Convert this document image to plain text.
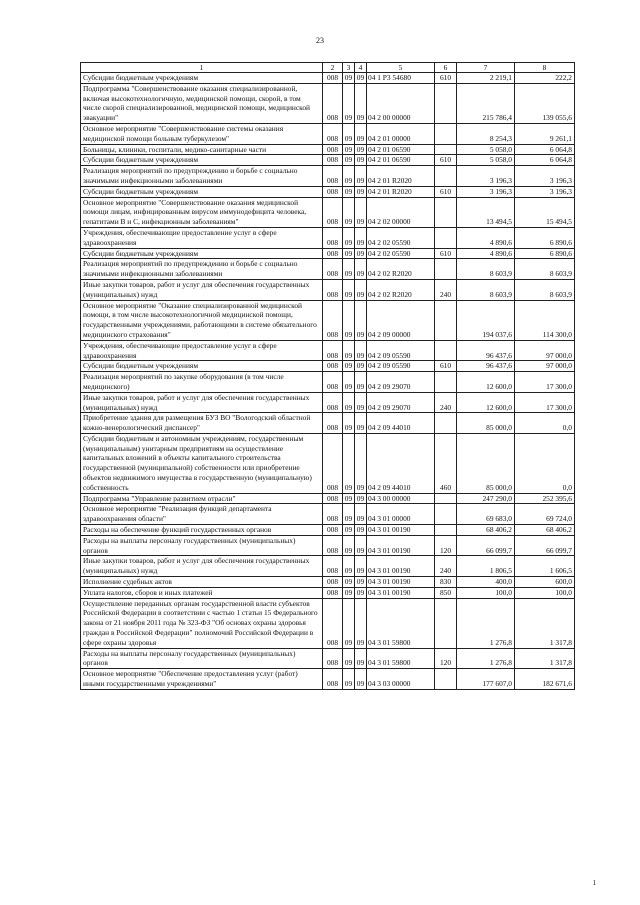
23
1	2	3	4	5	6	7	8
Субсидии бюджетным учреждениям	008	09	09	04 1 Р3 54680	610	2 219,1	222,2
Подпрограмма "Совершенствование оказания специализированной, включая высокотехнологичную, медицинской помощи, скорой, в том числе скорой специализированной, медицинской помощи, медицинской эвакуации"	008	09	09	04 2 00 00000		215 786,4	139 055,6
Основное мероприятие "Совершенствование системы оказания медицинской помощи больным туберкулезом"	008	09	09	04 2 01 00000		8 254,3	9 261,1
Больницы, клиники, госпитали, медико-санитарные части	008	09	09	04 2 01 06590		5 058,0	6 064,8
Субсидии бюджетным учреждениям	008	09	09	04 2 01 06590	610	5 058,0	6 064,8
Реализация мероприятий по предупреждению и борьбе с социально значимыми инфекционными заболеваниями	008	09	09	04 2 01 R2020		3 196,3	3 196,3
Субсидии бюджетным учреждениям	008	09	09	04 2 01 R2020	610	3 196,3	3 196,3
Основное мероприятие "Совершенствование оказания медицинской помощи лицам, инфицированным вирусом иммунодефицита человека, гепатитами В и С, инфекционным заболеваниям"	008	09	09	04 2 02 00000		13 494,5	15 494,5
Учреждения, обеспечивающие предоставление услуг в сфере здравоохранения	008	09	09	04 2 02 05590		4 890,6	6 890,6
Субсидии бюджетным учреждениям	008	09	09	04 2 02 05590	610	4 890,6	6 890,6
Реализация мероприятий по предупреждению и борьбе с социально значимыми инфекционными заболеваниями	008	09	09	04 2 02 R2020		8 603,9	8 603,9
Иные закупки товаров, работ и услуг для обеспечения государственных (муниципальных) нужд	008	09	09	04 2 02 R2020	240	8 603,9	8 603,9
Основное мероприятие "Оказание специализированной медицинской помощи, в том числе высокотехнологичной медицинской помощи, государственными учреждениями, работающими в системе обязательного медицинского страхования"	008	09	09	04 2 09 00000		194 037,6	114 300,0
Учреждения, обеспечивающие предоставление услуг в сфере здравоохранения	008	09	09	04 2 09 05590		96 437,6	97 000,0
Субсидии бюджетным учреждениям	008	09	09	04 2 09 05590	610	96 437,6	97 000,0
Реализация мероприятий по закупке оборудования (в том числе медицинского)	008	09	09	04 2 09 29070		12 600,0	17 300,0
Иные закупки товаров, работ и услуг для обеспечения государственных (муниципальных) нужд	008	09	09	04 2 09 29070	240	12 600,0	17 300,0
Приобретение здания для размещения БУЗ ВО "Вологодский областной кожно-венерологический диспансер"	008	09	09	04 2 09 44010		85 000,0	0,0
Субсидии бюджетным и автономным учреждениям, государственным (муниципальным) унитарным предприятиям на осуществление капитальных вложений в объекты капитального строительства государственной (муниципальной) собственности или приобретение объектов недвижимого имущества в государственную (муниципальную) собственность	008	09	09	04 2 09 44010	460	85 000,0	0,0
Подпрограмма "Управление развитием отрасли"	008	09	09	04 3 00 00000		247 290,0	252 395,6
Основное мероприятие "Реализация функций департамента здравоохранения области"	008	09	09	04 3 01 00000		69 683,0	69 724,0
Расходы на обеспечение функций государственных органов	008	09	09	04 3 01 00190		68 406,2	68 406,2
Расходы на выплаты персоналу государственных (муниципальных) органов	008	09	09	04 3 01 00190	120	66 099,7	66 099,7
Иные закупки товаров, работ и услуг для обеспечения государственных (муниципальных) нужд	008	09	09	04 3 01 00190	240	1 806,5	1 606,5
Исполнение судебных актов	008	09	09	04 3 01 00190	830	400,0	600,0
Уплата налогов, сборов и иных платежей	008	09	09	04 3 01 00190	850	100,0	100,0
Осуществление переданных органам государственной власти субъектов Российской Федерации в соответствии с частью 1 статьи 15 Федерального закона от 21 ноября 2011 года № 323-ФЗ "Об основах охраны здоровья граждан в Российской Федерации" полномочий Российской Федерации в сфере охраны здоровья	008	09	09	04 3 01 59800		1 276,8	1 317,8
Расходы на выплаты персоналу государственных (муниципальных) органов	008	09	09	04 3 01 59800	120	1 276,8	1 317,8
Основное мероприятие "Обеспечение предоставления услуг (работ) иными государственными учреждениями"	008	09	09	04 3 03 00000		177 607,0	182 671,6
1
